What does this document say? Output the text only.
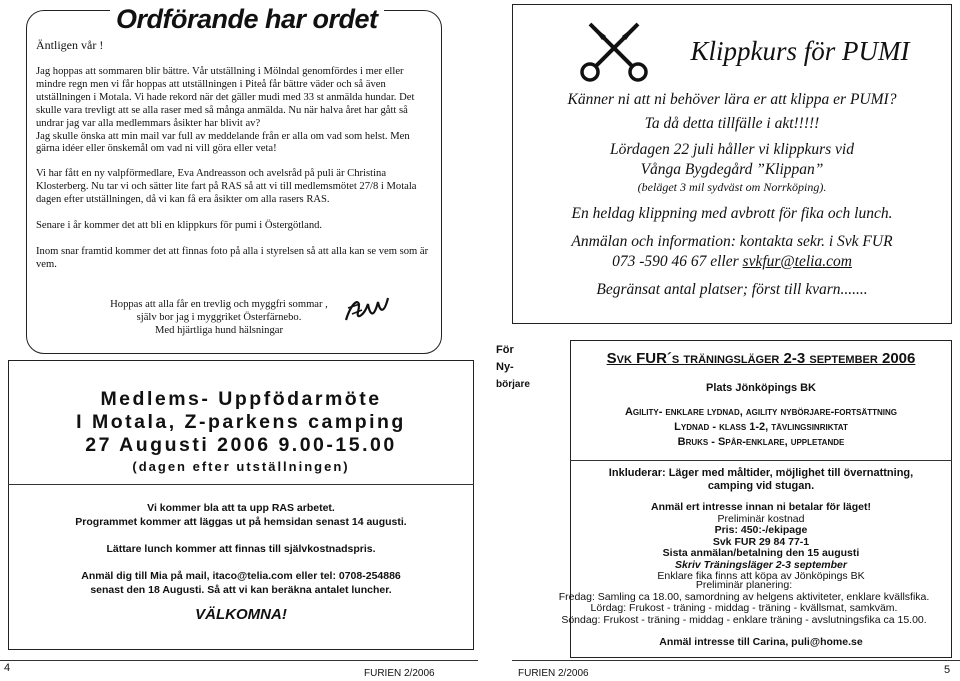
Äntligen vår !
Ordförande har ordet

Jag hoppas att sommaren blir bättre. Vår utställning i Mölndal genomfördes i mer eller mindre regn men vi får hoppas att utställningen i Piteå får bättre väder och så även utställningen i Motala. Vi hade rekord när det gäller mudi med 33 st anmälda hundar. Det skulle vara trevligt att se alla raser med så många anmälda. Nu när halva året har gått så undrar jag var alla medlemmars åsikter har blivit av?

Jag skulle önska att min mail var full av meddelande från er alla om vad som helst. Men gärna idéer eller önskemål om vad ni vill göra eller veta!

Vi har fått en ny valpförmedlare, Eva Andreasson och avelsråd på puli är Christina Klosterberg. Nu tar vi och sätter lite fart på RAS så att vi till medlemsmötet 27/8 i Motala dagen efter utställningen, då vi kan få era åsikter om alla rasers RAS.

Senare i år kommer det att bli en klippkurs för pumi i Östergötland.

Inom snar framtid kommer det att finnas foto på alla i styrelsen så att alla kan se vem som är vem.

Hoppas att alla får en trevlig och myggfri sommar ,
själv bor jag i myggriket Österfärnebo.
Med hjärtliga hund hälsningar
Medlems- Uppfödarmöte
I Motala, Z-parkens camping
27 Augusti 2006 9.00-15.00
(dagen efter utställningen)
Vi kommer bla att ta upp RAS arbetet.
Programmet kommer att läggas ut på hemsidan senast 14 augusti.
Lättare lunch kommer att finnas till självkostnadspris.
Anmäl dig till Mia på mail, itaco@telia.com eller tel: 0708-254886
senast den 18 Augusti. Så att vi kan beräkna antalet luncher.
VÄLKOMNA!
4	FURIEN 2/2006
Klippkurs för PUMI
Känner ni att ni behöver lära er att klippa er PUMI?
Ta då detta tillfälle i akt!!!!!
Lördagen 22 juli håller vi klippkurs vid
Vånga Bygdegård ”Klippan”
(beläget 3 mil sydväst om Norrköping).
En heldag klippning med avbrott för fika och lunch.
Anmälan och information: kontakta sekr. i Svk FUR
073 -590 46 67 eller svkfur@telia.com
Begränsat antal platser; först till kvarn.......
För
Ny-
börjare
Svk FUR´s träningsläger 2-3 september 2006
Plats Jönköpings BK
Agility- enklare lydnad, agility nybörjare-fortsättning
Lydnad - klass 1-2, tävlingsinriktat
Bruks - Spår-enklare, uppletande
Inkluderar: Läger med måltider, möjlighet till övernattning,
camping vid stugan.
Anmäl ert intresse innan ni betalar för läget!
Preliminär kostnad
Pris: 450:-/ekipage
Svk FUR 29 84 77-1
Sista anmälan/betalning den 15 augusti
Skriv Träningsläger 2-3 september
Enklare fika finns att köpa av Jönköpings BK
Preliminär planering:
Fredag: Samling ca 18.00, samordning av helgens aktiviteter, enklare kvällsfika.
Lördag: Frukost - träning - middag - träning - kvällsmat, samkväm.
Söndag: Frukost - träning - middag - enklare träning - avslutningsfika ca 15.00.
Anmäl intresse till Carina, puli@home.se
FURIEN 2/2006	5
